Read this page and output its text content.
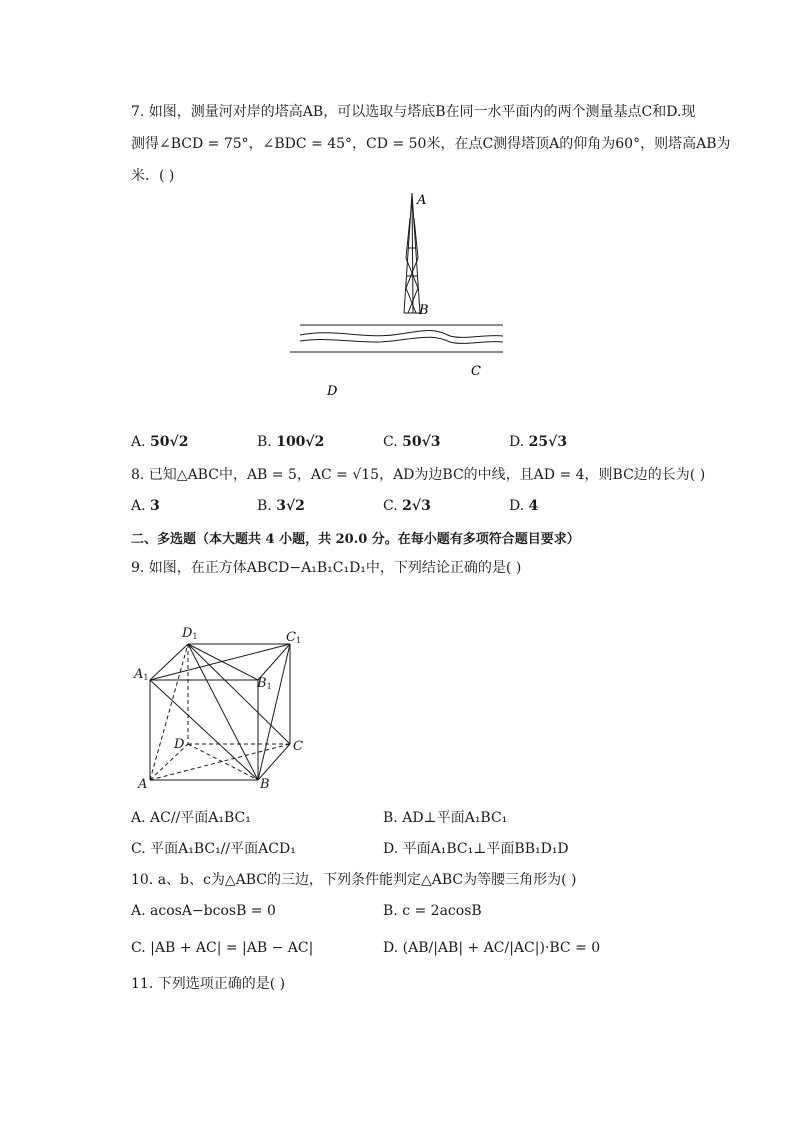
7. 如图，测量河对岸的塔高AB，可以选取与塔底B在同一水平面内的两个测量基点C和D.现
测得∠BCD = 75°，∠BDC = 45°，CD = 50米，在点C测得塔顶A的仰角为60°，则塔高AB为
米．( )
A
B
C
D
A. 50√2	B. 100√2	C. 50√3	D. 25√3
8. 已知△ABC中，AB = 5，AC = √15，AD为边BC的中线，且AD = 4，则BC边的长为( )
A. 3	B. 3√2	C. 2√3	D. 4
二、多选题（本大题共 4 小题，共 20.0 分。在每小题有多项符合题目要求）
9. 如图，在正方体ABCD−A₁B₁C₁D₁中，下列结论正确的是( )
D1	C1
A1	B1
D	C
A	B
A. AC//平面A₁BC₁	B. AD⊥平面A₁BC₁
C. 平面A₁BC₁//平面ACD₁	D. 平面A₁BC₁⊥平面BB₁D₁D
10. a、b、c为△ABC的三边，下列条件能判定△ABC为等腰三角形为( )
A. acosA−bcosB = 0	B. c = 2acosB
C. |AB + AC| = |AB − AC|	D. (AB/|AB| + AC/|AC|)·BC = 0
11. 下列选项正确的是( )
